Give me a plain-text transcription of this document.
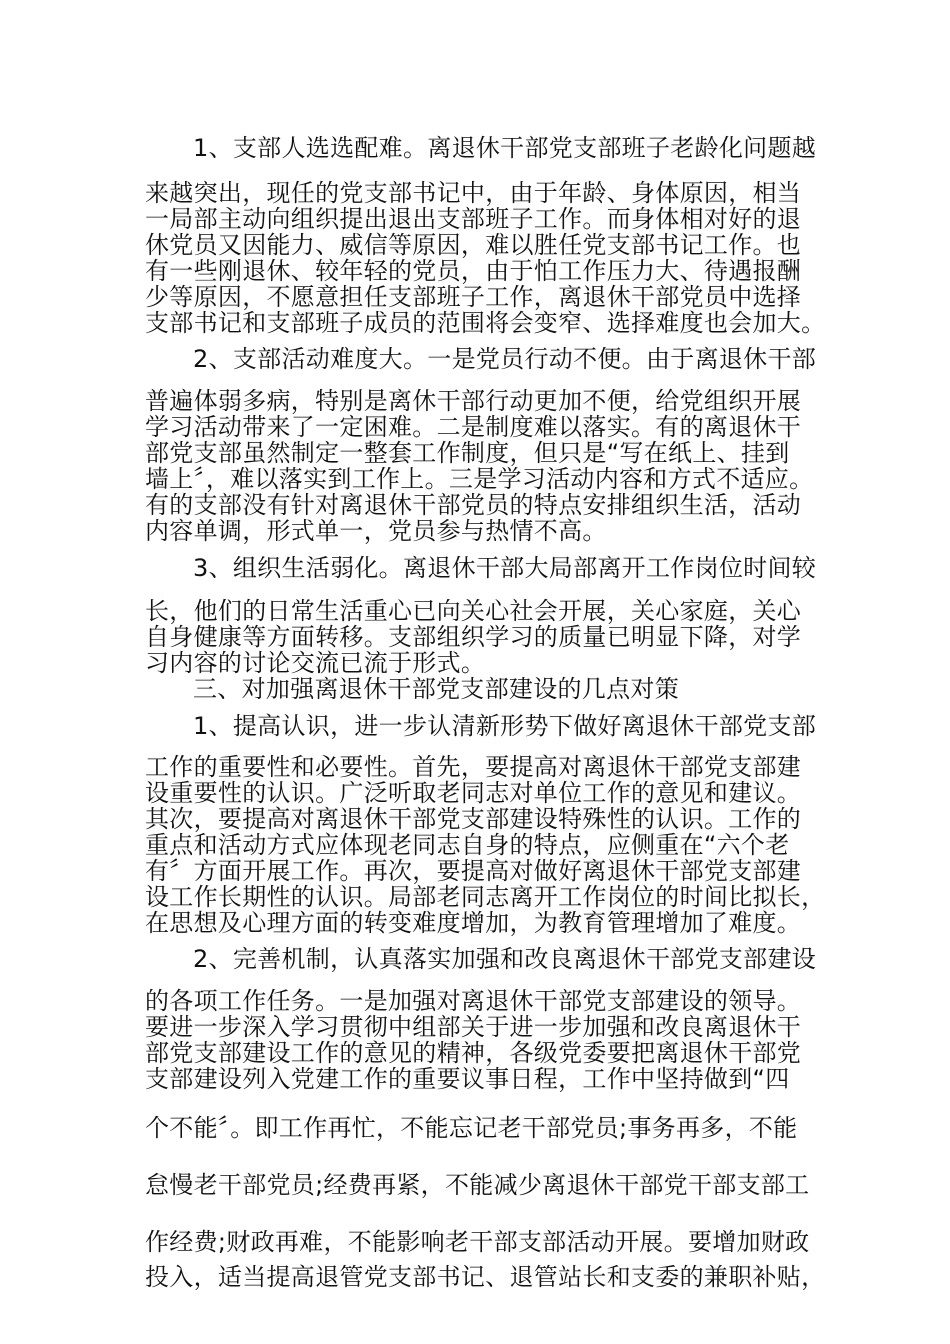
1、支部人选选配难。离退休干部党支部班子老龄化问题越
来越突出，现任的党支部书记中，由于年龄、身体原因，相当
一局部主动向组织提出退出支部班子工作。而身体相对好的退
休党员又因能力、威信等原因，难以胜任党支部书记工作。也
有一些刚退休、较年轻的党员，由于怕工作压力大、待遇报酬
少等原因，不愿意担任支部班子工作，离退休干部党员中选择
支部书记和支部班子成员的范围将会变窄、选择难度也会加大。
2、支部活动难度大。一是党员行动不便。由于离退休干部
普遍体弱多病，特别是离休干部行动更加不便，给党组织开展
学习活动带来了一定困难。二是制度难以落实。有的离退休干
部党支部虽然制定一整套工作制度，但只是“写在纸上、挂到
墙上〞，难以落实到工作上。三是学习活动内容和方式不适应。
有的支部没有针对离退休干部党员的特点安排组织生活，活动
内容单调，形式单一，党员参与热情不高。
3、组织生活弱化。离退休干部大局部离开工作岗位时间较
长，他们的日常生活重心已向关心社会开展，关心家庭，关心
自身健康等方面转移。支部组织学习的质量已明显下降，对学
习内容的讨论交流已流于形式。
三、对加强离退休干部党支部建设的几点对策
1、提高认识，进一步认清新形势下做好离退休干部党支部
工作的重要性和必要性。首先，要提高对离退休干部党支部建
设重要性的认识。广泛听取老同志对单位工作的意见和建议。
其次，要提高对离退休干部党支部建设特殊性的认识。工作的
重点和活动方式应体现老同志自身的特点，应侧重在“六个老
有〞方面开展工作。再次，要提高对做好离退休干部党支部建
设工作长期性的认识。局部老同志离开工作岗位的时间比拟长，
在思想及心理方面的转变难度增加，为教育管理增加了难度。
2、完善机制，认真落实加强和改良离退休干部党支部建设
的各项工作任务。一是加强对离退休干部党支部建设的领导。
要进一步深入学习贯彻中组部关于进一步加强和改良离退休干
部党支部建设工作的意见的精神，各级党委要把离退休干部党
支部建设列入党建工作的重要议事日程，工作中坚持做到“四
个不能〞。即工作再忙，不能忘记老干部党员;事务再多，不能
怠慢老干部党员;经费再紧，不能减少离退休干部党干部支部工
作经费;财政再难，不能影响老干部支部活动开展。要增加财政
投入，适当提高退管党支部书记、退管站长和支委的兼职补贴，
